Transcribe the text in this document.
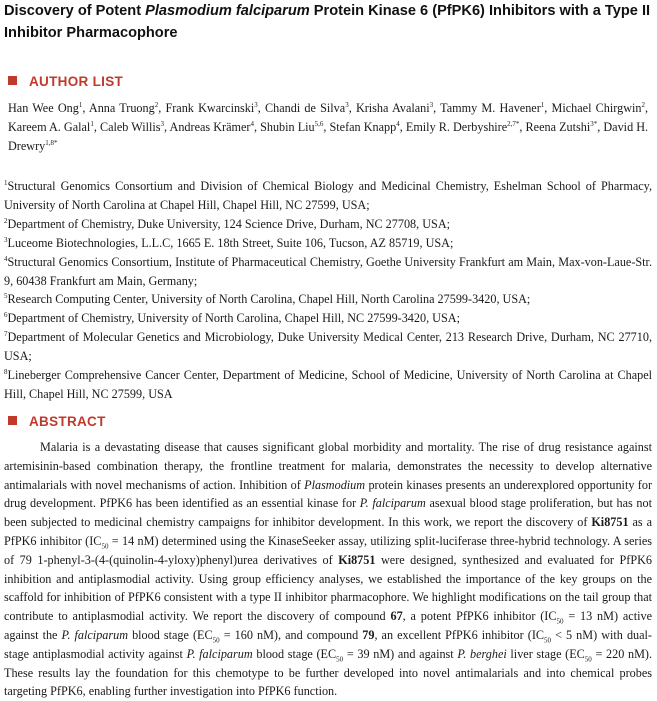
Discovery of Potent Plasmodium falciparum Protein Kinase 6 (PfPK6) Inhibitors with a Type II Inhibitor Pharmacophore
AUTHOR LIST
Han Wee Ong$^1$, Anna Truong$^2$, Frank Kwarcinski$^3$, Chandi de Silva$^3$, Krisha Avalani$^3$, Tammy M. Havener$^1$, Michael Chirgwin$^2$, Kareem A. Galal$^1$, Caleb Willis$^3$, Andreas Krämer$^4$, Shubin Liu$^{5,6}$, Stefan Knapp$^4$, Emily R. Derbyshire$^{2,7*}$, Reena Zutshi$^{3*}$, David H. Drewry$^{1,8*}$
$^1$Structural Genomics Consortium and Division of Chemical Biology and Medicinal Chemistry, Eshelman School of Pharmacy, University of North Carolina at Chapel Hill, Chapel Hill, NC 27599, USA;
$^2$Department of Chemistry, Duke University, 124 Science Drive, Durham, NC 27708, USA;
$^3$Luceome Biotechnologies, L.L.C, 1665 E. 18th Street, Suite 106, Tucson, AZ 85719, USA;
$^4$Structural Genomics Consortium, Institute of Pharmaceutical Chemistry, Goethe University Frankfurt am Main, Max-von-Laue-Str. 9, 60438 Frankfurt am Main, Germany;
$^5$Research Computing Center, University of North Carolina, Chapel Hill, North Carolina 27599-3420, USA;
$^6$Department of Chemistry, University of North Carolina, Chapel Hill, NC 27599-3420, USA;
$^7$Department of Molecular Genetics and Microbiology, Duke University Medical Center, 213 Research Drive, Durham, NC 27710, USA;
$^8$Lineberger Comprehensive Cancer Center, Department of Medicine, School of Medicine, University of North Carolina at Chapel Hill, Chapel Hill, NC 27599, USA
ABSTRACT
Malaria is a devastating disease that causes significant global morbidity and mortality. The rise of drug resistance against artemisinin-based combination therapy, the frontline treatment for malaria, demonstrates the necessity to develop alternative antimalarials with novel mechanisms of action. Inhibition of Plasmodium protein kinases presents an underexplored opportunity for drug development. PfPK6 has been identified as an essential kinase for P. falciparum asexual blood stage proliferation, but has not been subjected to medicinal chemistry campaigns for inhibitor development. In this work, we report the discovery of Ki8751 as a PfPK6 inhibitor ($IC_{50} = 14$ nM) determined using the KinaseSeeker assay, utilizing split-luciferase three-hybrid technology. A series of 79 1-phenyl-3-(4-(quinolin-4-yloxy)phenyl)urea derivatives of Ki8751 were designed, synthesized and evaluated for PfPK6 inhibition and antiplasmodial activity. Using group efficiency analyses, we established the importance of the key groups on the scaffold for inhibition of PfPK6 consistent with a type II inhibitor pharmacophore. We highlight modifications on the tail group that contribute to antiplasmodial activity. We report the discovery of compound 67, a potent PfPK6 inhibitor ($IC_{50} = 13$ nM) active against the P. falciparum blood stage ($EC_{50} = 160$ nM), and compound 79, an excellent PfPK6 inhibitor ($IC_{50} < 5$ nM) with dual-stage antiplasmodial activity against P. falciparum blood stage ($EC_{50} = 39$ nM) and against P. berghei liver stage ($EC_{50} = 220$ nM). These results lay the foundation for this chemotype to be further developed into novel antimalarials and into chemical probes targeting PfPK6, enabling further investigation into PfPK6 function.
